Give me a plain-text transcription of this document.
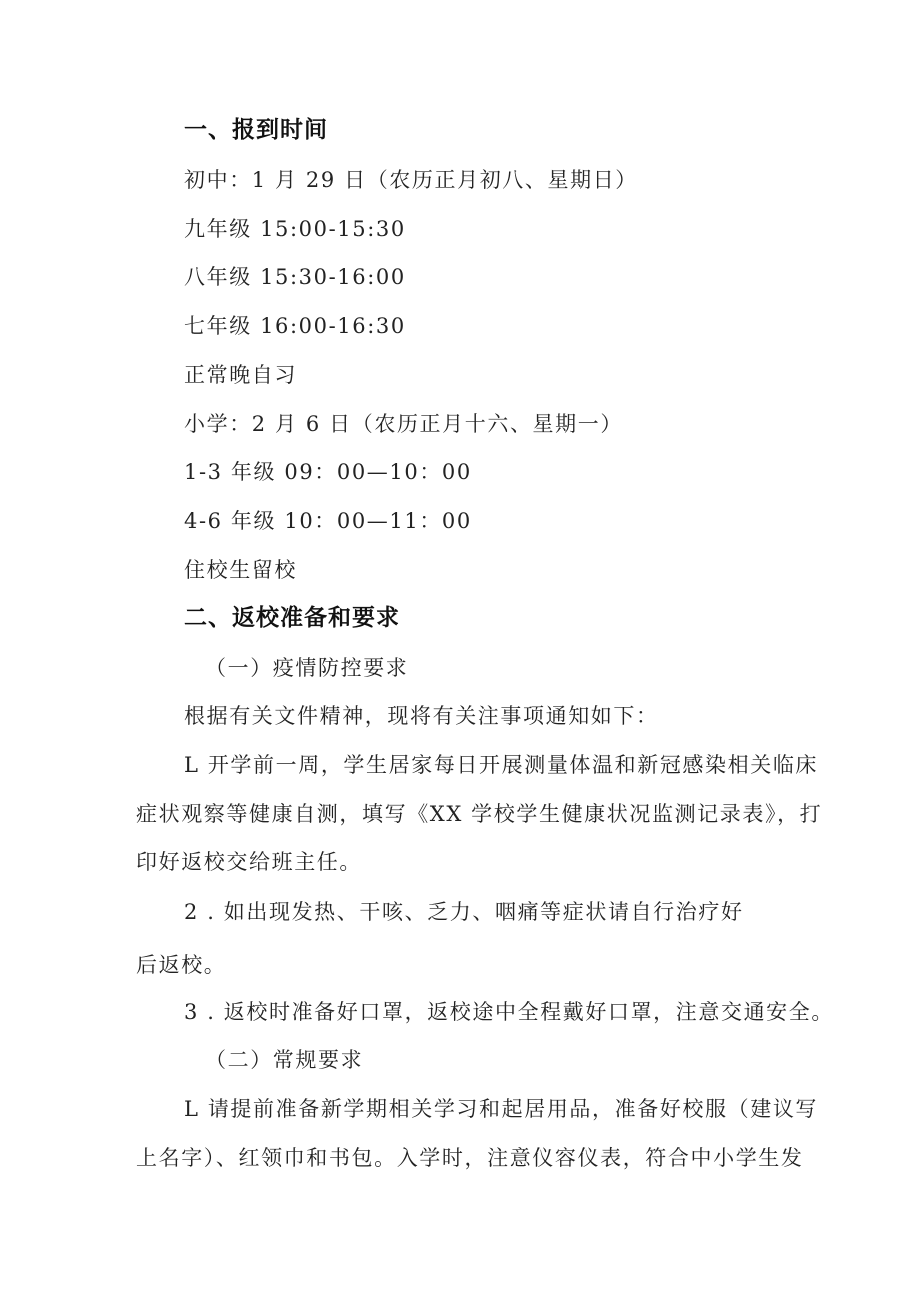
一、报到时间
初中：1 月 29 日（农历正月初八、星期日）
九年级 15:00-15:30
八年级 15:30-16:00
七年级 16:00-16:30
正常晚自习
小学：2 月 6 日（农历正月十六、星期一）
1-3 年级 09：00—10：00
4-6 年级 10：00—11：00
住校生留校
二、返校准备和要求
（一）疫情防控要求
根据有关文件精神，现将有关注事项通知如下：
L 开学前一周，学生居家每日开展测量体温和新冠感染相关临床
症状观察等健康自测，填写《XX 学校学生健康状况监测记录表》，打
印好返校交给班主任。
2 . 如出现发热、干咳、乏力、咽痛等症状请自行治疗好
后返校。
3 . 返校时准备好口罩，返校途中全程戴好口罩，注意交通安全。
（二）常规要求
L 请提前准备新学期相关学习和起居用品，准备好校服（建议写
上名字）、红领巾和书包。入学时，注意仪容仪表，符合中小学生发
